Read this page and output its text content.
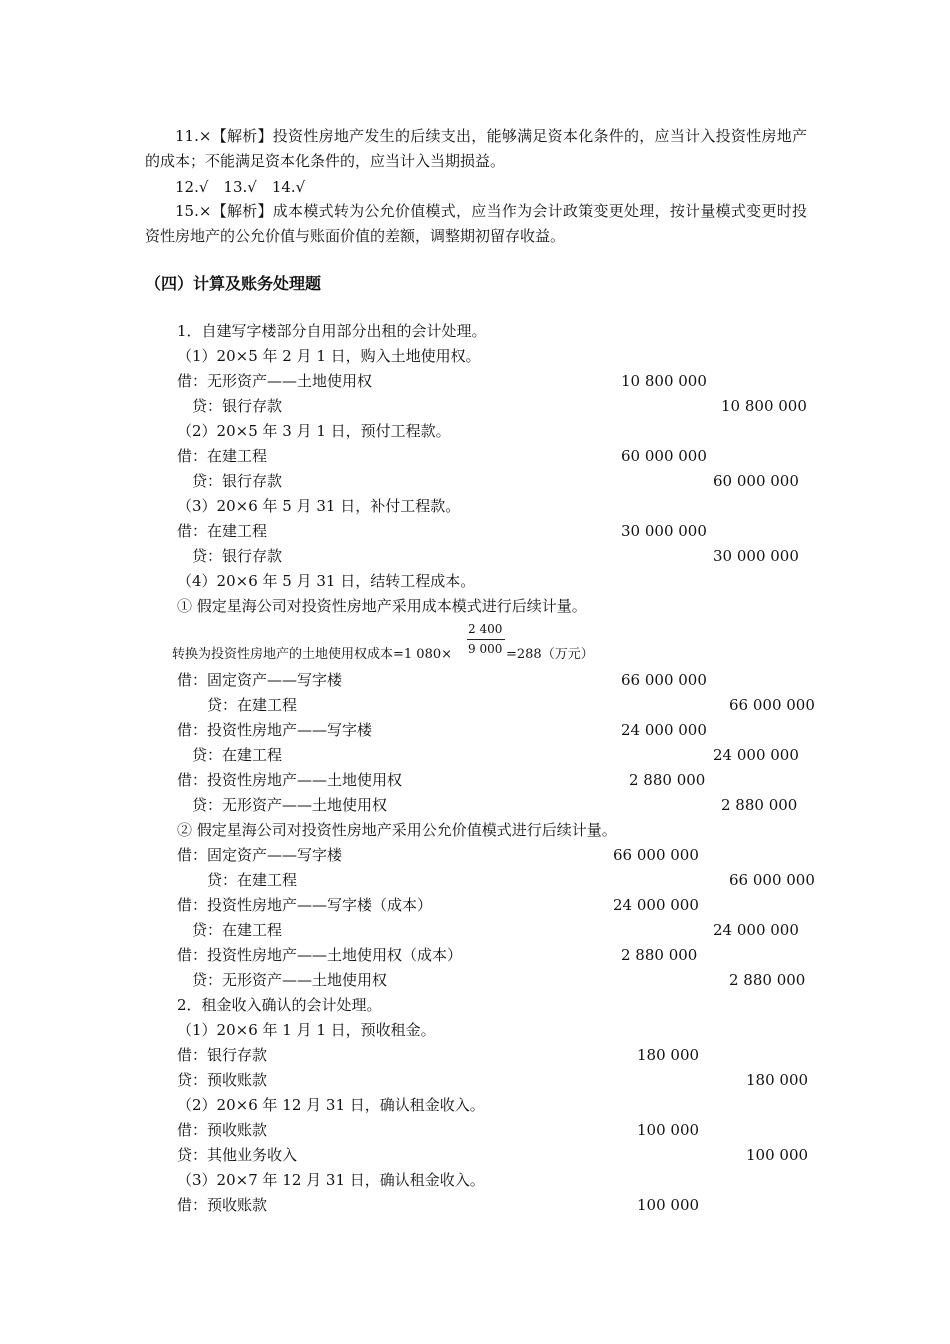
11.×【解析】投资性房地产发生的后续支出，能够满足资本化条件的，应当计入投资性房地产的成本；不能满足资本化条件的，应当计入当期损益。

12.√　13.√　14.√

15.×【解析】成本模式转为公允价值模式，应当作为会计政策变更处理，按计量模式变更时投资性房地产的公允价值与账面价值的差额，调整期初留存收益。

（四）计算及账务处理题
1．自建写字楼部分自用部分出租的会计处理。
（1）20×5 年 2 月 1 日，购入土地使用权。
借：无形资产——土地使用权	10 800 000
　贷：银行存款	10 800 000
（2）20×5 年 3 月 1 日，预付工程款。
借：在建工程	60 000 000
　贷：银行存款	60 000 000
（3）20×6 年 5 月 31 日，补付工程款。
借：在建工程	30 000 000
　贷：银行存款	30 000 000
（4）20×6 年 5 月 31 日，结转工程成本。
① 假定星海公司对投资性房地产采用成本模式进行后续计量。
转换为投资性房地产的土地使用权成本=1 080×
2 400
9 000 =288（万元）
借：固定资产——写字楼	66 000 000
　　贷：在建工程	66 000 000
借：投资性房地产——写字楼	24 000 000
　贷：在建工程	24 000 000
借：投资性房地产——土地使用权	2 880 000
　贷：无形资产——土地使用权	2 880 000
② 假定星海公司对投资性房地产采用公允价值模式进行后续计量。
借：固定资产——写字楼	66 000 000
　　贷：在建工程	66 000 000
借：投资性房地产——写字楼（成本）	24 000 000
　贷：在建工程	24 000 000
借：投资性房地产——土地使用权（成本）	2 880 000
　贷：无形资产——土地使用权	2 880 000
2．租金收入确认的会计处理。
（1）20×6 年 1 月 1 日，预收租金。
借：银行存款	180 000
贷：预收账款	180 000
（2）20×6 年 12 月 31 日，确认租金收入。
借：预收账款	100 000
贷：其他业务收入	100 000
（3）20×7 年 12 月 31 日，确认租金收入。
借：预收账款	100 000
